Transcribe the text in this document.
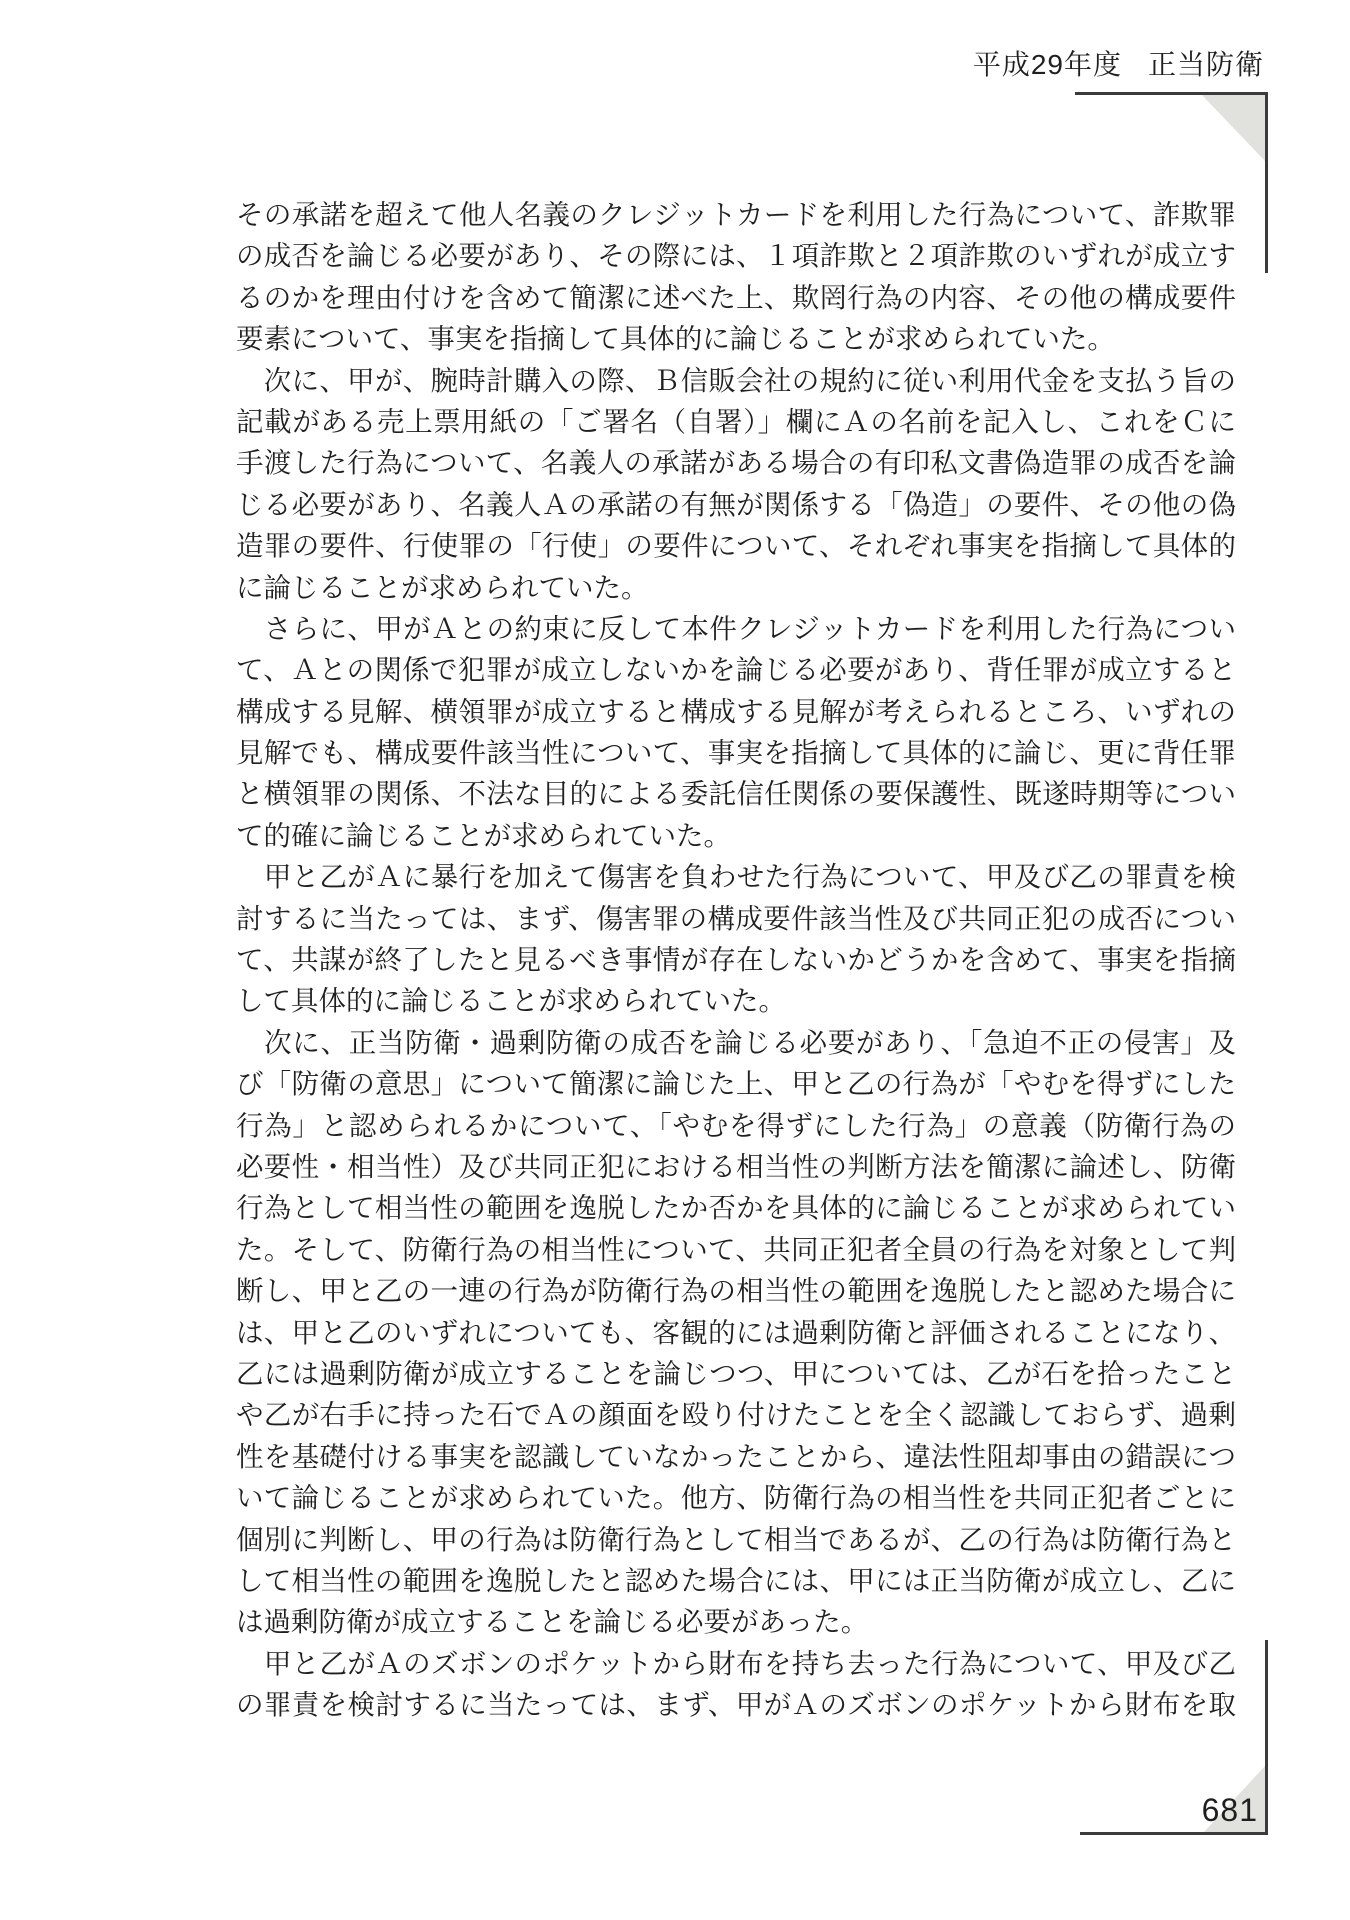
平成29年度 正当防衛
その承諾を超えて他人名義のクレジットカードを利用した行為について、詐欺罪
の成否を論じる必要があり、その際には、１項詐欺と２項詐欺のいずれが成立す
るのかを理由付けを含めて簡潔に述べた上、欺罔行為の内容、その他の構成要件
要素について、事実を指摘して具体的に論じることが求められていた。
　次に、甲が、腕時計購入の際、Ｂ信販会社の規約に従い利用代金を支払う旨の
記載がある売上票用紙の「ご署名（自署）」欄にＡの名前を記入し、これをＣに
手渡した行為について、名義人の承諾がある場合の有印私文書偽造罪の成否を論
じる必要があり、名義人Ａの承諾の有無が関係する「偽造」の要件、その他の偽
造罪の要件、行使罪の「行使」の要件について、それぞれ事実を指摘して具体的
に論じることが求められていた。
　さらに、甲がＡとの約束に反して本件クレジットカードを利用した行為につい
て、Ａとの関係で犯罪が成立しないかを論じる必要があり、背任罪が成立すると
構成する見解、横領罪が成立すると構成する見解が考えられるところ、いずれの
見解でも、構成要件該当性について、事実を指摘して具体的に論じ、更に背任罪
と横領罪の関係、不法な目的による委託信任関係の要保護性、既遂時期等につい
て的確に論じることが求められていた。
　甲と乙がＡに暴行を加えて傷害を負わせた行為について、甲及び乙の罪責を検
討するに当たっては、まず、傷害罪の構成要件該当性及び共同正犯の成否につい
て、共謀が終了したと見るべき事情が存在しないかどうかを含めて、事実を指摘
して具体的に論じることが求められていた。
　次に、正当防衛・過剰防衛の成否を論じる必要があり、「急迫不正の侵害」及
び「防衛の意思」について簡潔に論じた上、甲と乙の行為が「やむを得ずにした
行為」と認められるかについて、「やむを得ずにした行為」の意義（防衛行為の
必要性・相当性）及び共同正犯における相当性の判断方法を簡潔に論述し、防衛
行為として相当性の範囲を逸脱したか否かを具体的に論じることが求められてい
た。そして、防衛行為の相当性について、共同正犯者全員の行為を対象として判
断し、甲と乙の一連の行為が防衛行為の相当性の範囲を逸脱したと認めた場合に
は、甲と乙のいずれについても、客観的には過剰防衛と評価されることになり、
乙には過剰防衛が成立することを論じつつ、甲については、乙が石を拾ったこと
や乙が右手に持った石でＡの顔面を殴り付けたことを全く認識しておらず、過剰
性を基礎付ける事実を認識していなかったことから、違法性阻却事由の錯誤につ
いて論じることが求められていた。他方、防衛行為の相当性を共同正犯者ごとに
個別に判断し、甲の行為は防衛行為として相当であるが、乙の行為は防衛行為と
して相当性の範囲を逸脱したと認めた場合には、甲には正当防衛が成立し、乙に
は過剰防衛が成立することを論じる必要があった。
　甲と乙がＡのズボンのポケットから財布を持ち去った行為について、甲及び乙
の罪責を検討するに当たっては、まず、甲がＡのズボンのポケットから財布を取
681
